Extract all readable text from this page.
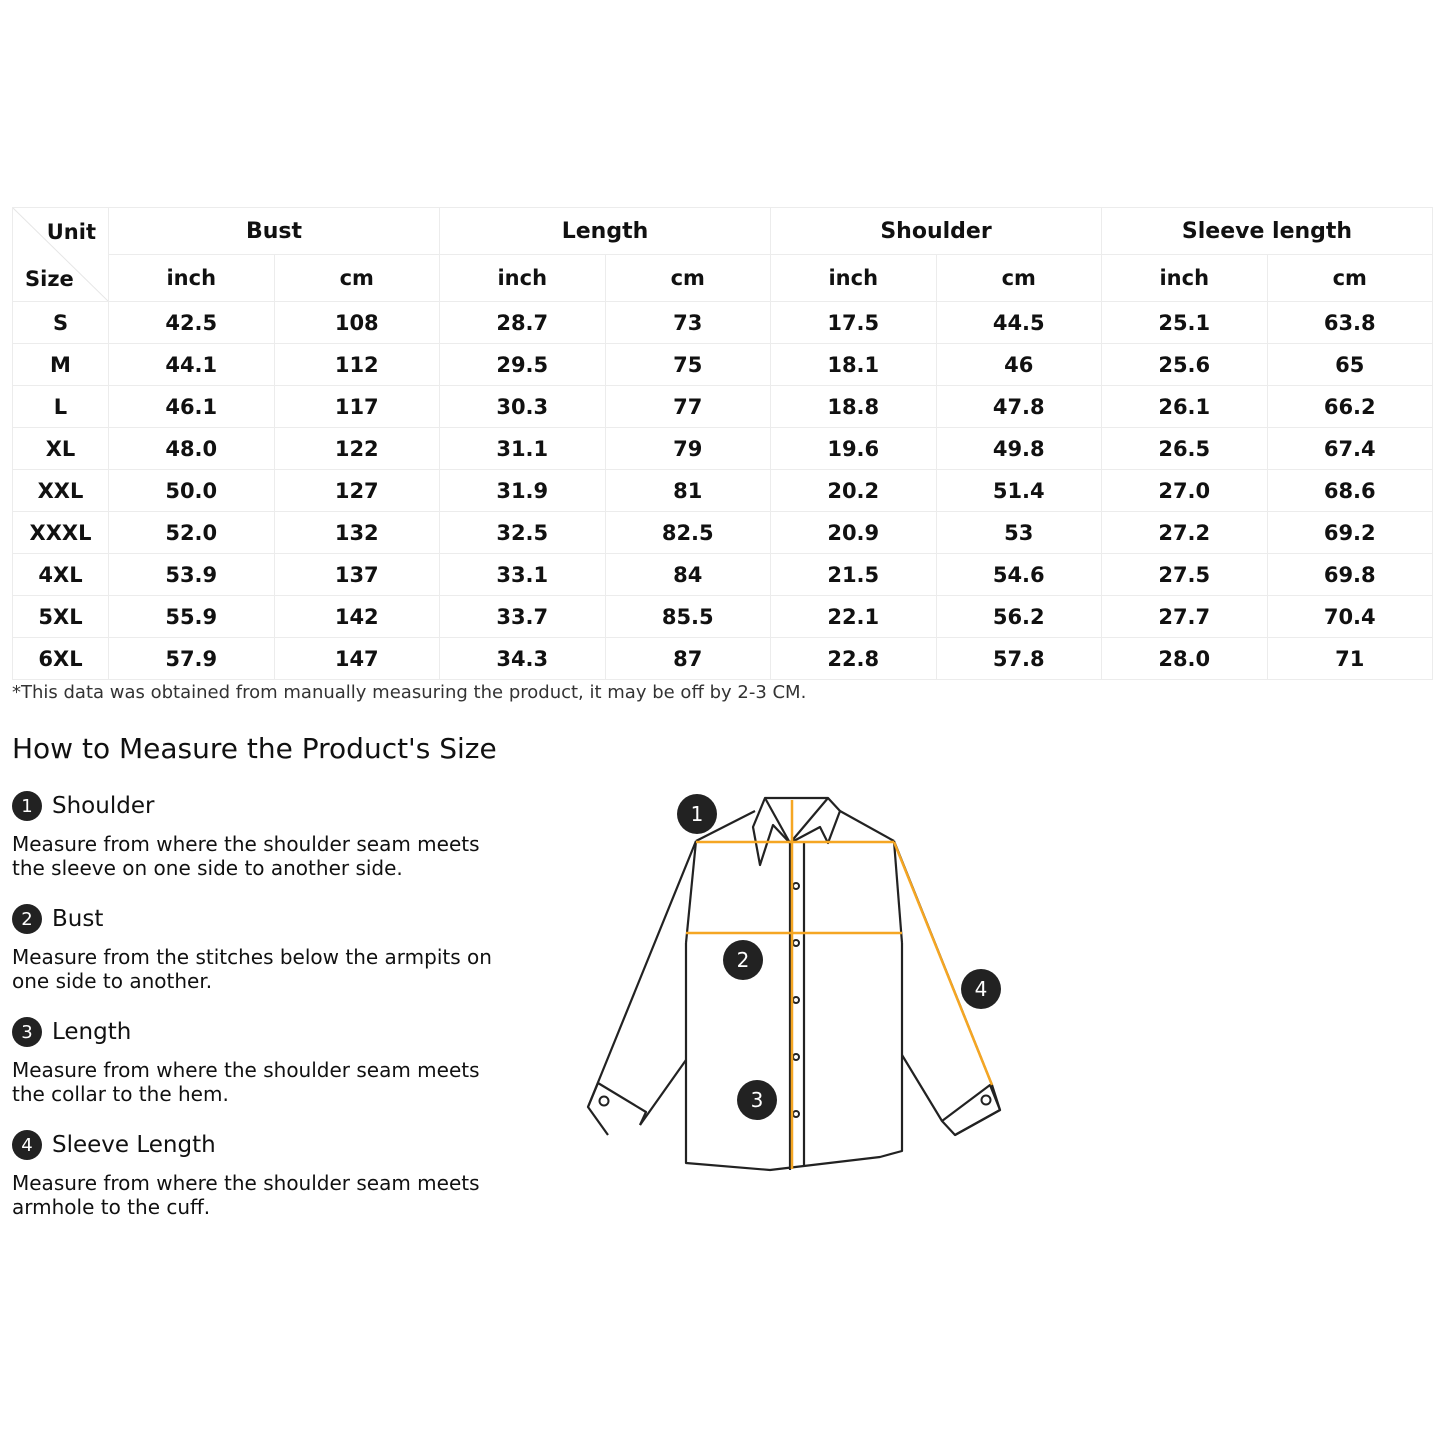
Unit
Size	Bust		Length		Shoulder		Sleeve length	
	inch	cm	inch	cm	inch	cm	inch	cm
S	42.5	108	28.7	73	17.5	44.5	25.1	63.8
M	44.1	112	29.5	75	18.1	46	25.6	65
L	46.1	117	30.3	77	18.8	47.8	26.1	66.2
XL	48.0	122	31.1	79	19.6	49.8	26.5	67.4
XXL	50.0	127	31.9	81	20.2	51.4	27.0	68.6
XXXL	52.0	132	32.5	82.5	20.9	53	27.2	69.2
4XL	53.9	137	33.1	84	21.5	54.6	27.5	69.8
5XL	55.9	142	33.7	85.5	22.1	56.2	27.7	70.4
6XL	57.9	147	34.3	87	22.8	57.8	28.0	71
*This data was obtained from manually measuring the product, it may be off by 2-3 CM.
How to Measure the Product's Size
1 Shoulder
Measure from where the shoulder seam meets the sleeve on one side to another side.
2 Bust
Measure from the stitches below the armpits on one side to another.
3 Length
Measure from where the shoulder seam meets the collar to the hem.
4 Sleeve Length
Measure from where the shoulder seam meets armhole to the cuff.
1
2
3
4
